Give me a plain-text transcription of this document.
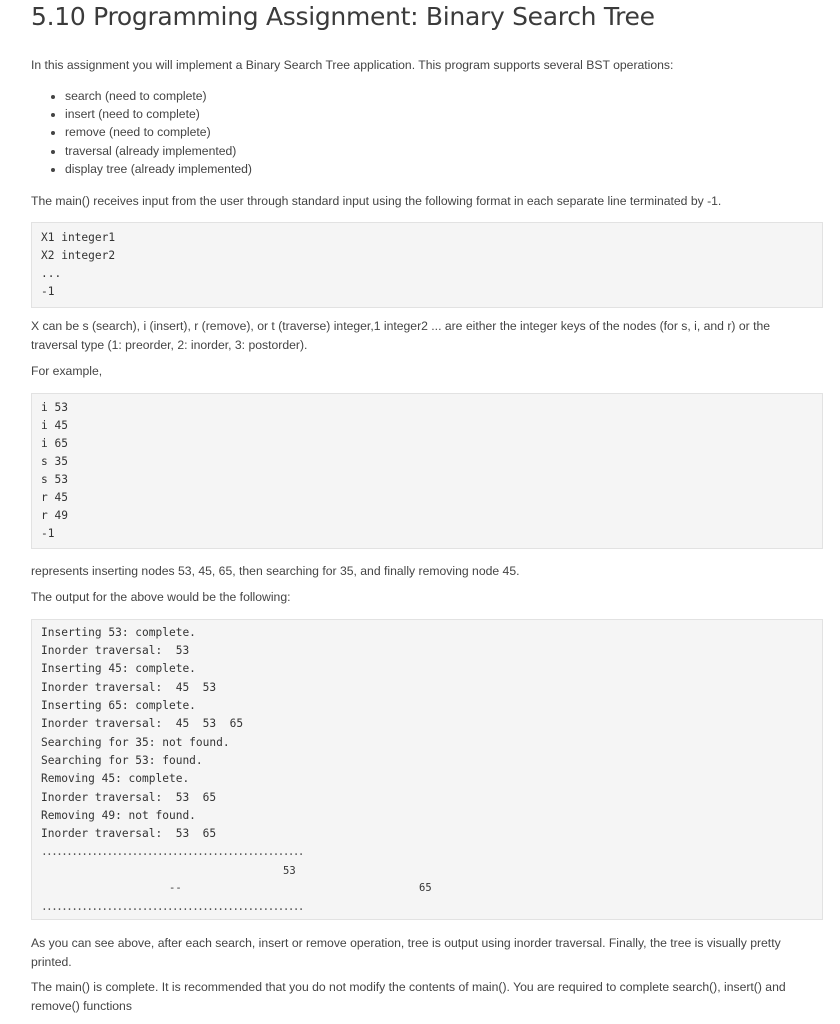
5.10 Programming Assignment: Binary Search Tree

In this assignment you will implement a Binary Search Tree application. This program supports several BST operations:

• search (need to complete)
• insert (need to complete)
• remove (need to complete)
• traversal (already implemented)
• display tree (already implemented)

The main() receives input from the user through standard input using the following format in each separate line terminated by -1.

X1 integer1
X2 integer2
...
-1

X can be s (search), i (insert), r (remove), or t (traverse) integer,1 integer2 ... are either the integer keys of the nodes (for s, i, and r) or the traversal type (1: preorder, 2: inorder, 3: postorder).

For example,

i 53
i 45
i 65
s 35
s 53
r 45
r 49
-1

represents inserting nodes 53, 45, 65, then searching for 35, and finally removing node 45.

The output for the above would be the following:

Inserting 53: complete.
Inorder traversal:  53
Inserting 45: complete.
Inorder traversal:  45  53
Inserting 65: complete.
Inorder traversal:  45  53  65
Searching for 35: not found.
Searching for 53: found.
Removing 45: complete.
Inorder traversal:  53  65
Removing 49: not found.
Inorder traversal:  53  65
....................................................
53
--	65
....................................................

As you can see above, after each search, insert or remove operation, tree is output using inorder traversal. Finally, the tree is visually pretty printed.

The main() is complete. It is recommended that you do not modify the contents of main(). You are required to complete search(), insert() and remove() functions
